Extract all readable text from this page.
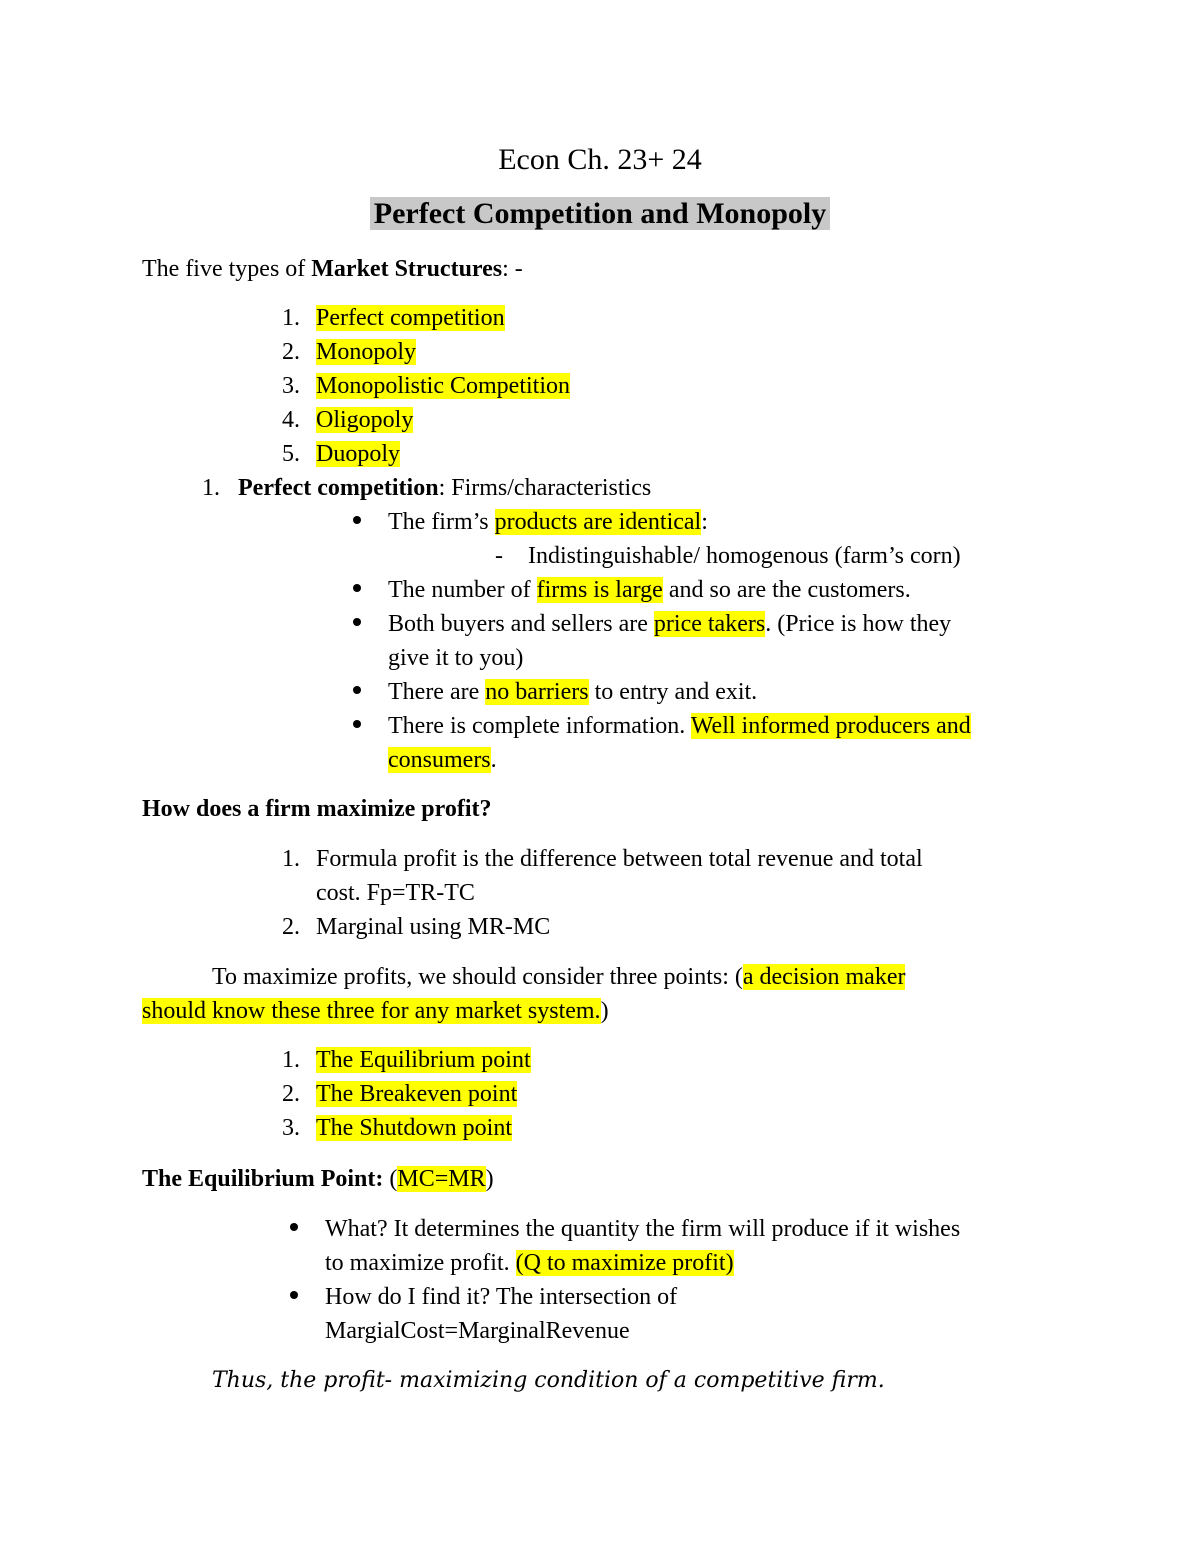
Econ Ch. 23+ 24
Perfect Competition and Monopoly
The five types of Market Structures: -
1. Perfect competition
2. Monopoly
3. Monopolistic Competition
4. Oligopoly
5. Duopoly
1. Perfect competition: Firms/characteristics
The firm’s products are identical:
- Indistinguishable/ homogenous (farm’s corn)
The number of firms is large and so are the customers.
Both buyers and sellers are price takers. (Price is how they
give it to you)
There are no barriers to entry and exit.
There is complete information. Well informed producers and
consumers.
How does a firm maximize profit?
1. Formula profit is the difference between total revenue and total
cost. Fp=TR-TC
2. Marginal using MR-MC
To maximize profits, we should consider three points: (a decision maker
should know these three for any market system.)
1. The Equilibrium point
2. The Breakeven point
3. The Shutdown point
The Equilibrium Point: (MC=MR)
What? It determines the quantity the firm will produce if it wishes
to maximize profit. (Q to maximize profit)
How do I find it? The intersection of
MargialCost=MarginalRevenue
Thus, the profit- maximizing condition of a competitive firm.
